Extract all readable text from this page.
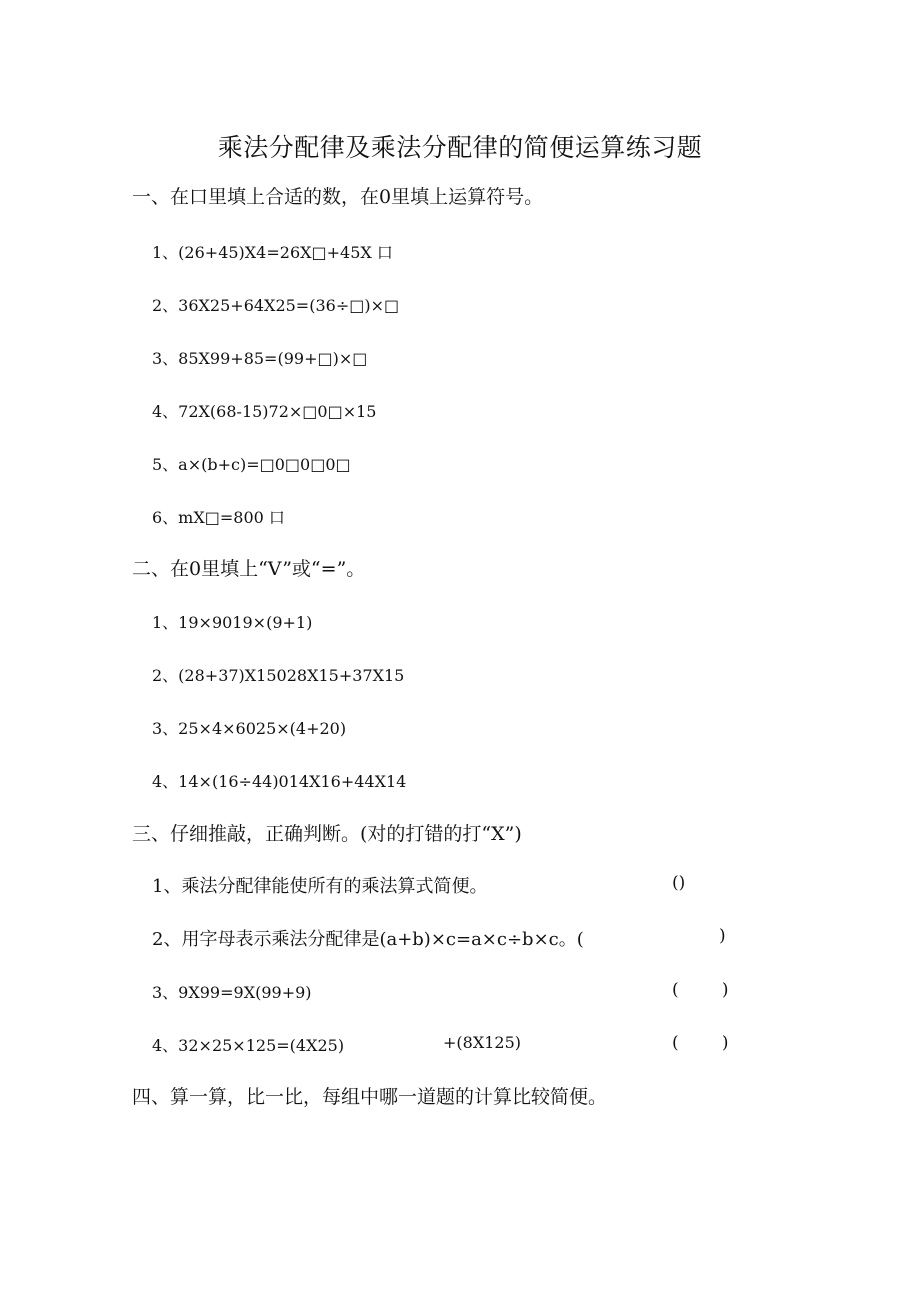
乘法分配律及乘法分配律的简便运算练习题
一、在口里填上合适的数，在0里填上运算符号。
1、(26+45)X4=26X□+45X 口
2、36X25+64X25=(36÷□)×□
3、85X99+85=(99+□)×□
4、72X(68-15)72×□0□×15
5、a×(b+c)=□0□0□0□
6、mX□=800 口
二、在0里填上“V”或“=”。
1、19×9019×(9+1)
2、(28+37)X15028X15+37X15
3、25×4×6025×(4+20)
4、14×(16÷44)014X16+44X14
三、仔细推敲，正确判断。(对的打错的打“X”)
1、乘法分配律能使所有的乘法算式简便。	()
2、用字母表示乘法分配律是(a+b)×c=a×c÷b×c。(	)
3、9X99=9X(99+9)	(        )
4、32×25×125=(4X25)	+(8X125)	(        )
四、算一算，比一比，每组中哪一道题的计算比较简便。
